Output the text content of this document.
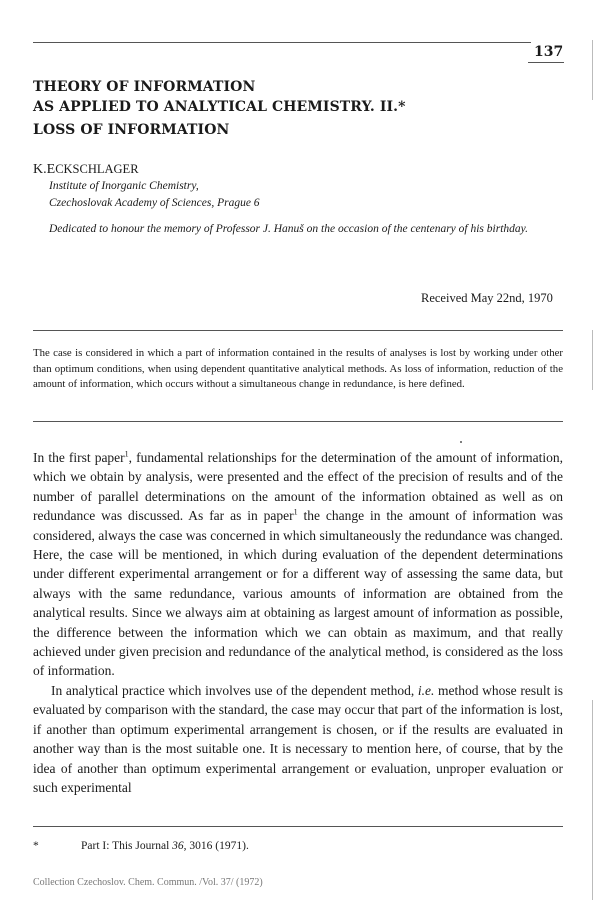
137
THEORY OF INFORMATION
AS APPLIED TO ANALYTICAL CHEMISTRY. II.*
LOSS OF INFORMATION
K.ECKSCHLAGER
Institute of Inorganic Chemistry,
Czechoslovak Academy of Sciences, Prague 6
Dedicated to honour the memory of Professor J. Hanuš on the occasion of the centenary of his birthday.
Received May 22nd, 1970
The case is considered in which a part of information contained in the results of analyses is lost by working under other than optimum conditions, when using dependent quantitative analytical methods. As loss of information, reduction of the amount of information, which occurs without a simultaneous change in redundance, is here defined.

In the first paper$^1$, fundamental relationships for the determination of the amount of information, which we obtain by analysis, were presented and the effect of the precision of results and of the number of parallel determinations on the amount of the information obtained as well as on redundance was discussed. As far as in paper$^1$ the change in the amount of information was considered, always the case was concerned in which simultaneously the redundance was changed. Here, the case will be mentioned, in which during evaluation of the dependent determinations under different experimental arrangement or for a different way of assessing the same data, but always with the same redundance, various amounts of information are obtained from the analytical results. Since we always aim at obtaining as largest amount of information as possible, the difference between the information which we can obtain as maximum, and that really achieved under given precision and redundance of the analytical method, is considered as the loss of information.

In analytical practice which involves use of the dependent method, i.e. method whose result is evaluated by comparison with the standard, the case may occur that part of the information is lost, if another than optimum experimental arrangement is chosen, or if the results are evaluated in another way than is the most suitable one. It is necessary to mention here, of course, that by the idea of another than optimum experimental arrangement or evaluation, unproper evaluation or such experimental

*	Part I: This Journal 36, 3016 (1971).
Collection Czechoslov. Chem. Commun. /Vol. 37/ (1972)
